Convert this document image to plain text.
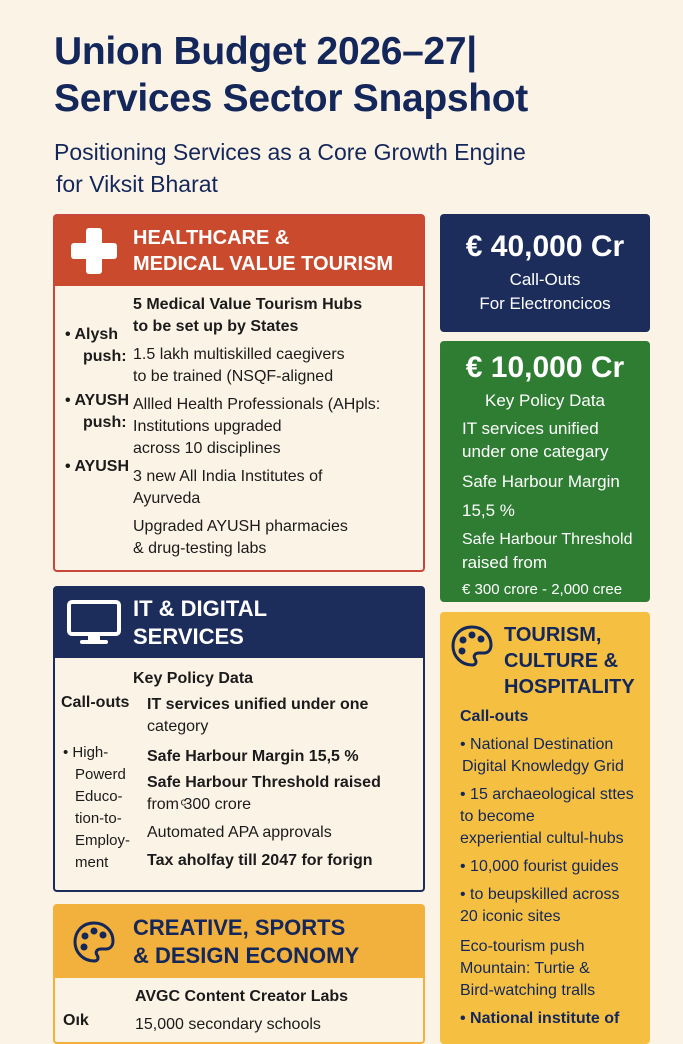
Union Budget 2026–27|
Services Sector Snapshot
Positioning Services as a Core Growth Engine
for Viksit Bharat
HEALTHCARE &
MEDICAL VALUE TOURISM
• Alysh
push:
• AYUSH
push:
• AYUSH
5 Medical Value Tourism Hubs
to be set up by States
1.5 lakh multiskilled caegivers
to be trained (NSQF-aligned
Allled Health Professionals (AHpls:
Institutions upgraded
across 10 disciplines
3 new All India Institutes of
Ayurveda
Upgraded AYUSH pharmacies
& drug-testing labs
IT & DIGITAL
SERVICES
Key Policy Data
Call-outs
• High-
Powerd
Educo-
tion-to-
Employ-
ment
IT services unified under one
category
Safe Harbour Margin 15,5 %
Safe Harbour Threshold raised
from ͨ300 crore
Automated APA approvals
Tax aholfay till 2047 for forign
CREATIVE, SPORTS
& DESIGN ECONOMY
Oık
AVGC Content Creator Labs
15,000 secondary schools
€ 40,000 Cr
Call-Outs
For Electroncicos
€ 10,000 Cr
Key Policy Data
IT services unified
under one categary
Safe Harbour Margin
15,5 %
Safe Harbour Threshold
raised from
€ 300 crore - 2,000 cree
TOURISM,
CULTURE &
HOSPITALITY
Call-outs
• National Destination
Digital Knowledgy Grid
• 15 archaeological sttes
to become
experiential cultul-hubs
• 10,000 fourist guides
• to beupskilled across
20 iconic sites
Eco-tourism push
Mountain: Turtie &
Bird-watching tralls
• National institute of
